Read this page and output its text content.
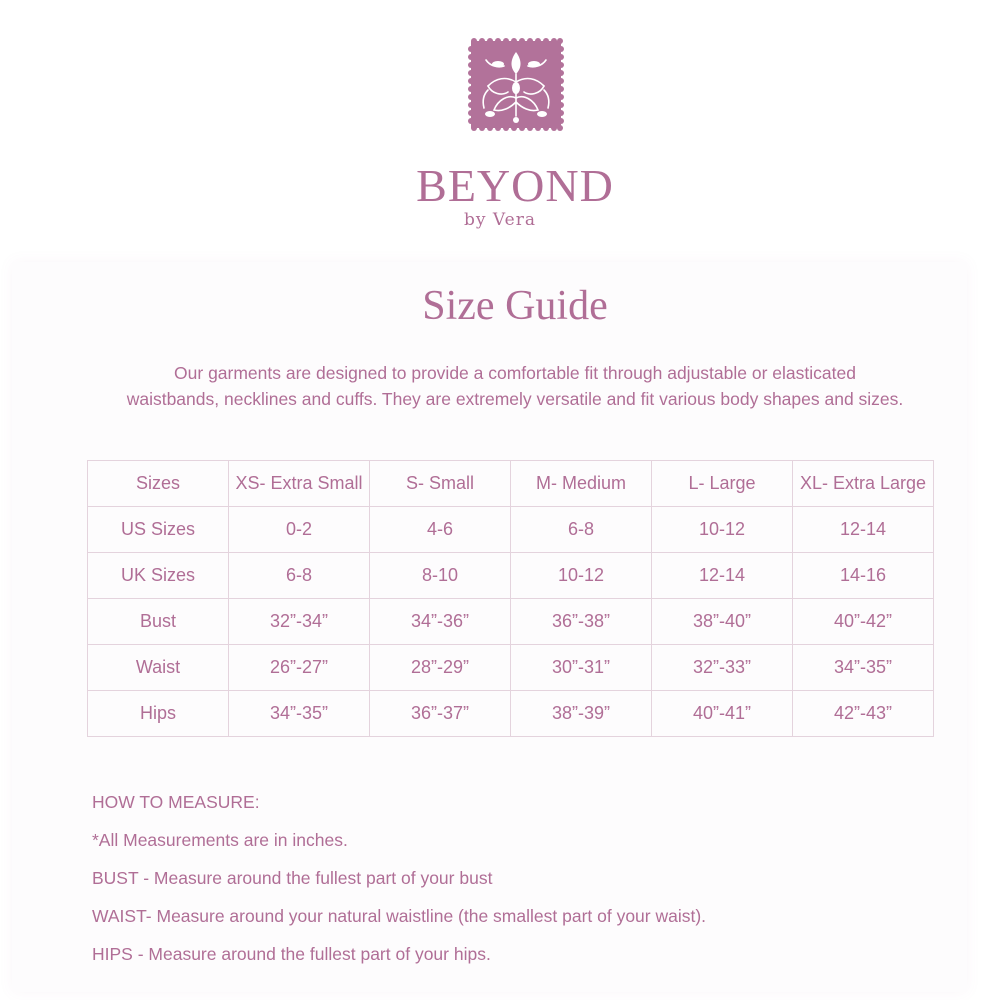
BEYOND
by Vera
Size Guide
Our garments are designed to provide a comfortable fit through adjustable or elasticated
waistbands, necklines and cuffs. They are extremely versatile and fit various body shapes and sizes.
Sizes	XS- Extra Small	S- Small	M- Medium	L- Large	XL- Extra Large
US Sizes	0-2	4-6	6-8	10-12	12-14
UK Sizes	6-8	8-10	10-12	12-14	14-16
Bust	32”-34”	34”-36”	36”-38”	38”-40”	40”-42”
Waist	26”-27”	28”-29”	30”-31”	32”-33”	34”-35”
Hips	34”-35”	36”-37”	38”-39”	40”-41”	42”-43”

HOW TO MEASURE:

*All Measurements are in inches.

BUST - Measure around the fullest part of your bust

WAIST- Measure around your natural waistline (the smallest part of your waist).

HIPS - Measure around the fullest part of your hips.
